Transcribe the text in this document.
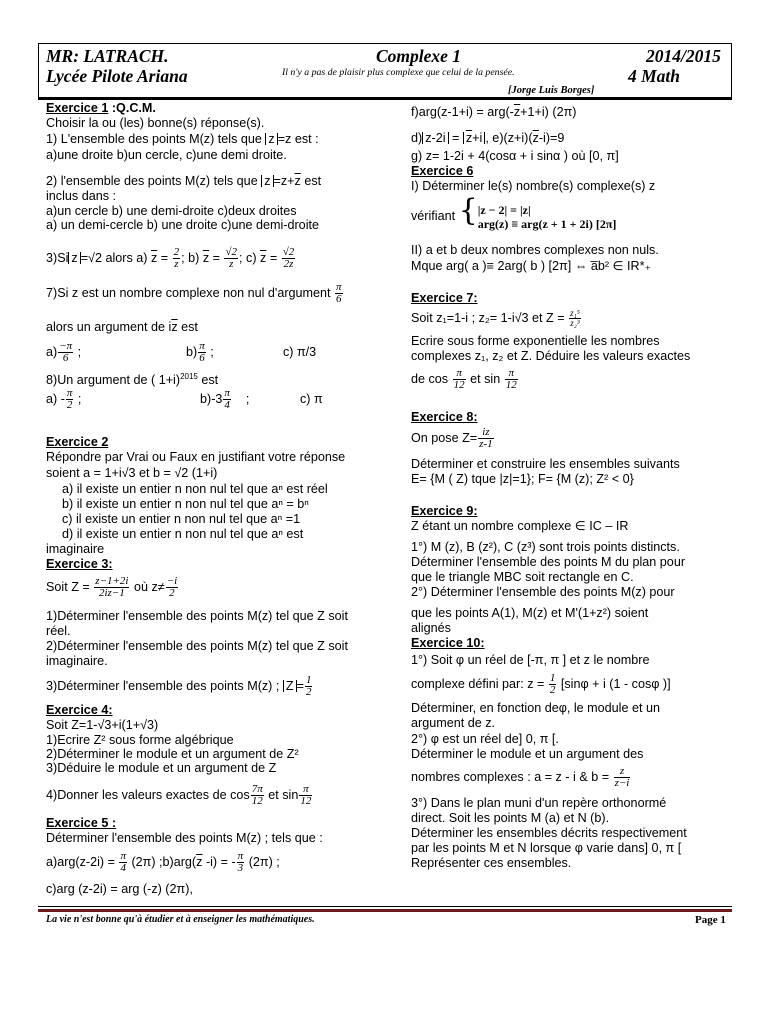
MR: LATRACH.	Complexe 1	2014/2015
Lycée Pilote Ariana	Il n'y a pas de plaisir plus complexe que celui de la pensée.	4 Math
[Jorge Luis Borges]
Exercice 1 :Q.C.M.
Choisir la ou (les) bonne(s) réponse(s).
1) L'ensemble des points M(z) tels que z =z est :
a)une droite b)un cercle, c)une demi droite.
2) l'ensemble des points M(z) tels que $z =z+\overline{z}$ est
inclus dans :
a)un cercle b) une demi-droite c)deux droites
a) un demi-cercle b) une droite c)une demi-droite
3)Si z =√2 alors a) $\overline{z} = \frac{2}{z}$ ; b) $\overline{z} = \frac{√2}{z}$ ; c) $\overline{z} = \frac{√2}{2z}$
7)Si z est un nombre complexe non nul d'argument $\frac{\pi}{6}$
alors un argument de $i\overline{z}$ est
$a) \frac{-\pi}{6}$ ;	$b) \frac{\pi}{6}$ ;	c) π/3
8)Un argument de ( 1+i)$^{2015}$ est
$a) - \frac{\pi}{2}$ ;	$b)-3 \frac{\pi}{4}$ ;	c) π
Exercice 2
Répondre par Vrai ou Faux en justifiant votre réponse
soient a = 1+i√3 et b = √2 (1+i)
a) il existe un entier n non nul tel que aⁿ est réel
b) il existe un entier n non nul tel que aⁿ = bⁿ
c) il existe un entier n non nul tel que aⁿ =1
d) il existe un entier n non nul tel que aⁿ est
imaginaire
Exercice 3:
Soit $Z = \frac{z-1+2i}{2iz-1}$ où $z\ne \frac{-i}{2}$
1)Déterminer l'ensemble des points M(z) tel que Z soit
réel.
2)Déterminer l'ensemble des points M(z) tel que Z soit
imaginaire.
3)Déterminer l'ensemble des points M(z) ; $Z = \frac{1}{2}$
Exercice 4:
Soit Z=1-√3+i(1+√3)
1)Ecrire Z² sous forme algébrique
2)Déterminer le module et un argument de Z²
3)Déduire le module et un argument de Z
4)Donner les valeurs exactes de $\cos \frac{7\pi}{12}$ et $\sin \frac{\pi}{12}$
Exercice 5 :
Déterminer l'ensemble des points M(z) ; tels que :
$a)arg(z-2i) = \frac{\pi}{4} (2\pi)$ $;b)arg(\overline{z}$ -i) = - $\frac{\pi}{3} (2\pi)$ ;
c)arg (z-2i) = arg (-z) (2π),
$f)arg(z-1+i) = arg(-\overline{z}+1+i)$ (2π)
d) $z-2i = \overline{z}+i$ , $e)(z+i)(\overline{z}-i)=9$
g) z= 1-2i + 4(cosα + i sinα ) où [0, π]
Exercice 6
I) Déterminer le(s) nombre(s) complexe(s) z
vérifiant { |z − 2| = |z|
arg(z) ≡ arg(z + 1 + 2i) [2π]
II) a et b deux nombres complexes non nuls.
Mque arg( a )≡ 2arg( b ) [2π] ⇔ a̅b² ∈ IR*₊
Exercice 7:
Soit z₁=1-i ; z₂= 1-i√3 et $Z = \frac{\text{z₁⁵}}{\text{z₂³}}$
Ecrire sous forme exponentielle les nombres
complexes z₁, z₂ et Z. Déduire les valeurs exactes
de $\cos \frac{\pi}{12}$ et $\sin \frac{\pi}{12}$
Exercice 8:
On pose $Z= \frac{iz}{z-1}$
Déterminer et construire les ensembles suivants
E= {M ( Z) tque |z|=1}; F= {M (z); Z² < 0}
Exercice 9:
Z étant un nombre complexe ∈ IC – IR
1°) M (z), B (z²), C (z³) sont trois points distincts.
Déterminer l'ensemble des points M du plan pour
que le triangle MBC soit rectangle en C.
2°) Déterminer l'ensemble des points M(z) pour
que les points A(1), M(z) et M'(1+z²) soient
alignés
Exercice 10:
1°) Soit φ un réel de [-π, π ] et z le nombre
complexe défini par: $z = \frac{1}{2} [\sin\varphi + i$ (1 - cosφ )]
Déterminer, en fonction deφ, le module et un
argument de z.
2°) φ est un réel de] 0, π [.
Déterminer le module et un argument des
nombres complexes : a = z - i & $b = \frac{z}{z-i}$
3°) Dans le plan muni d'un repère orthonormé
direct. Soit les points M (a) et N (b).
Déterminer les ensembles décrits respectivement
par les points M et N lorsque φ varie dans] 0, π [
Représenter ces ensembles.
La vie n'est bonne qu'à étudier et à enseigner les mathématiques.	Page 1
